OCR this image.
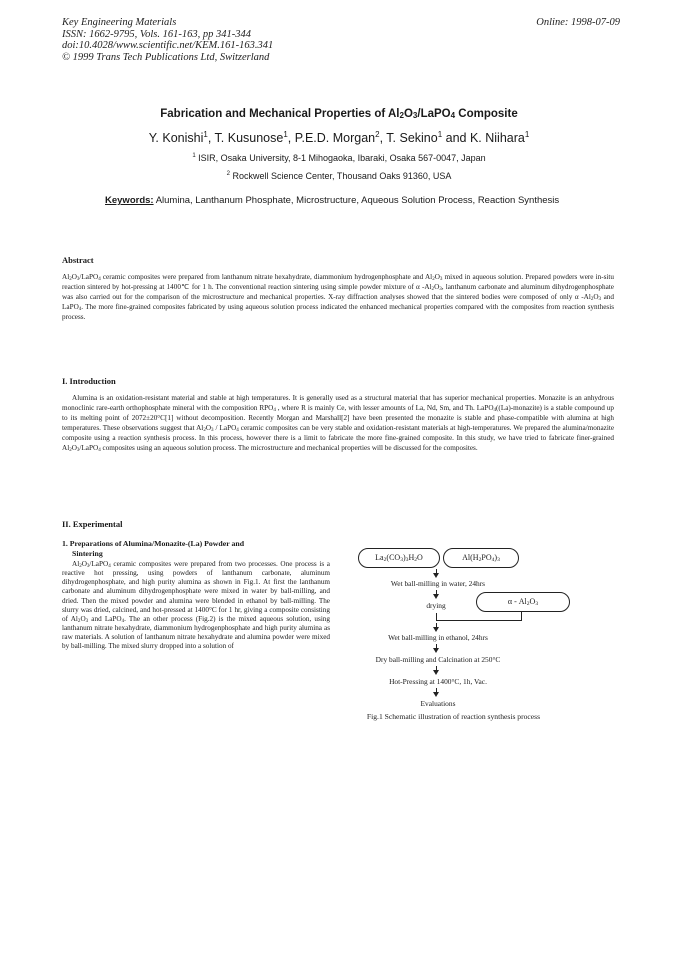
Key Engineering Materials
ISSN: 1662-9795, Vols. 161-163, pp 341-344
doi:10.4028/www.scientific.net/KEM.161-163.341
© 1999 Trans Tech Publications Ltd, Switzerland
Online: 1998-07-09
Fabrication and Mechanical Properties of $Al_2O_3/LaPO_4$ Composite
Y. Konishi$^1$, T. Kusunose$^1$, P.E.D. Morgan$^2$, T. Sekino$^1$ and K. Niihara$^1$
$^1$ ISIR, Osaka University, 8-1 Mihogaoka, Ibaraki, Osaka 567-0047, Japan
$^2$ Rockwell Science Center, Thousand Oaks 91360, USA
Keywords: Alumina, Lanthanum Phosphate, Microstructure, Aqueous Solution Process, Reaction Synthesis
Abstract
$Al_2O_3/LaPO_4$ ceramic composites were prepared from lanthanum nitrate hexahydrate, diammonium hydrogenphosphate and $Al_2O_3$ mixed in aqueous solution. Prepared powders were in-situ reaction sintered by hot-pressing at 1400℃ for 1 h. The conventional reaction sintering using simple powder mixture of α $-Al_2O_3$, lanthanum carbonate and aluminum dihydrogenphosphate was also carried out for the comparison of the microstructure and mechanical properties. X-ray diffraction analyses showed that the sintered bodies were composed of only α $-Al_2O_3$ and LaPO$_4$. The more fine-grained composites fabricated by using aqueous solution process indicated the enhanced mechanical properties compared with the composites from reaction synthesis process.
I. Introduction
Alumina is an oxidation-resistant material and stable at high temperatures. It is generally used as a structural material that has superior mechanical properties. Monazite is an anhydrous monoclinic rare-earth orthophosphate mineral with the composition $RPO_4$ , where R is mainly Ce, with lesser amounts of La, Nd, Sm, and Th. LaPO$_4$((La)-monazite) is a stable compound up to its melting point of 2072±20°C[1] without decomposition. Recently Morgan and Marshall[2] have been presented the monazite is stable and phase-compatible with alumina at high temperatures. These observations suggest that $Al_2O_3$ / LaPO$_4$ ceramic composites can be very stable and oxidation-resistant materials at high-temperatures. We prepared the alumina/monazite composite using a reaction synthesis process. In this process, however there is a limit to fabricate the more fine-grained composite. In this study, we have tried to fabricate finer-grained $Al_2O_3/LaPO_4$ composites using an aqueous solution process. The microstructure and mechanical properties will be discussed for the composites.
II. Experimental
1. Preparations of Alumina/Monazite-(La) Powder and
Sintering
$Al_2O_3/LaPO_4$ ceramic composites were prepared from two processes. One process is a reactive hot pressing, using powders of lanthanum carbonate, aluminum dihydrogenphosphate, and high purity alumina as shown in Fig.1. At first the lanthanum carbonate and aluminum dihydrogenphosphate were mixed in water by ball-milling, and dried. Then the mixed powder and alumina were blended in ethanol by ball-milling. The slurry was dried, calcined, and hot-pressed at 1400°C for 1 hr, giving a composite consisting of $Al_2O_3$ and LaPO$_4$. The an other process (Fig.2) is the mixed aqueous solution, using lanthanum nitrate hexahydrate, diammonium hydrogenphosphate and high purity alumina as raw materials. A solution of lanthanum nitrate hexahydrate and alumina powder were mixed by ball-milling. The mixed slurry dropped into a solution of
$La_2(CO_3)_3H_2O$	$Al(H_2PO_4)_3$
Wet ball-milling in water, 24hrs
drying	α - $Al_2O_3$
Wet ball-milling in ethanol, 24hrs
Dry ball-milling and Calcination at 250°C
Hot-Pressing at 1400°C, 1h, Vac.
Evaluations
Fig.1 Schematic illustration of reaction synthesis process
